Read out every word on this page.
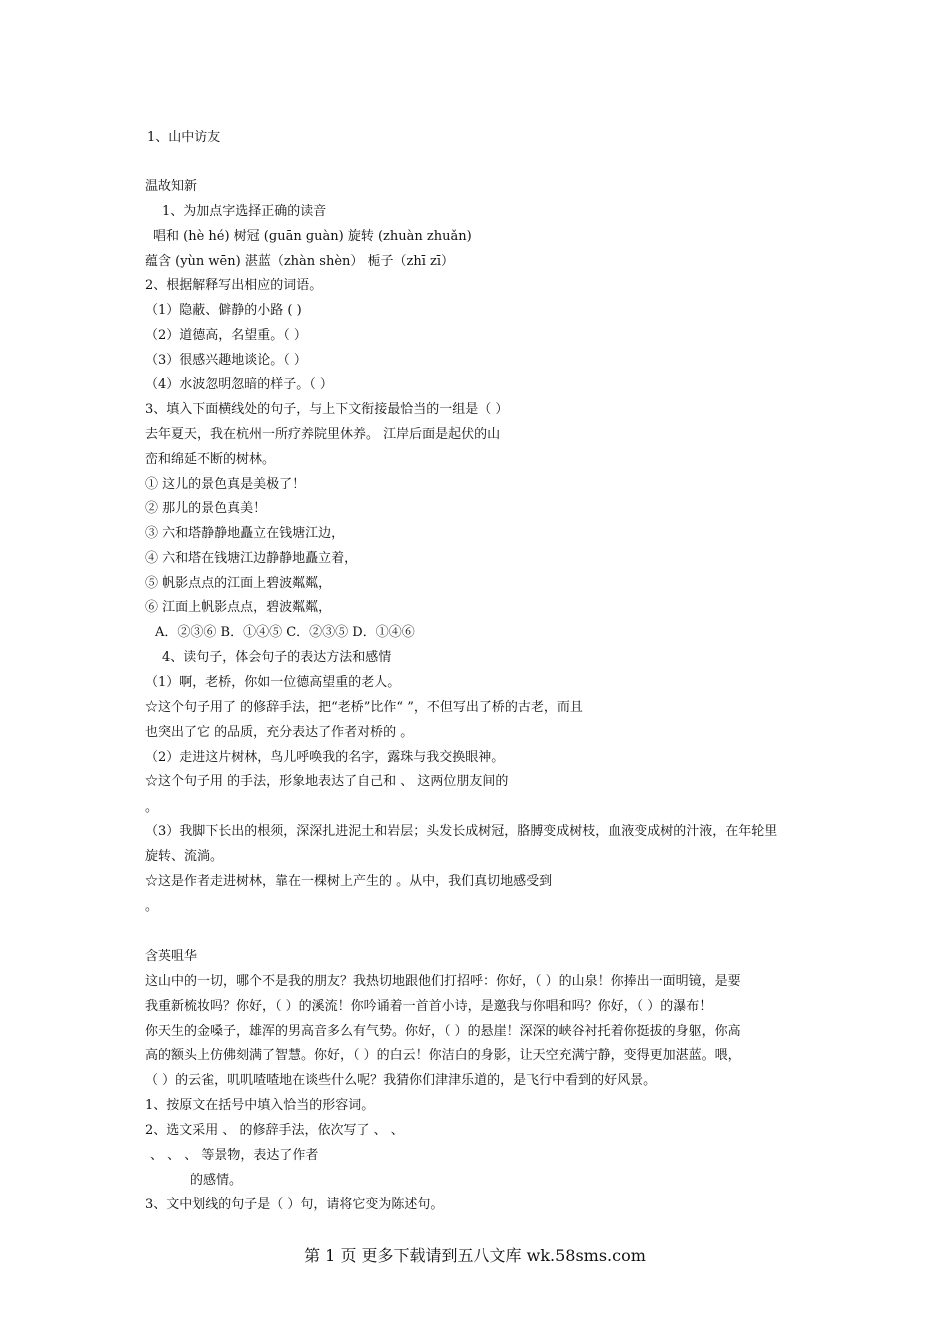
1、山中访友
温故知新
1、为加点字选择正确的读音
唱和 (hè hé) 树冠 (ɡuān ɡuàn) 旋转 (zhuàn zhuǎn)
蕴含 (yùn wēn) 湛蓝（zhàn shèn） 栀子（zhī zī）
2、根据解释写出相应的词语。
（1）隐蔽、僻静的小路 ( )
（2）道德高，名望重。（ ）
（3）很感兴趣地谈论。（ ）
（4）水波忽明忽暗的样子。（ ）
3、填入下面横线处的句子，与上下文衔接最恰当的一组是（ ）
去年夏天，我在杭州一所疗养院里休养。 江岸后面是起伏的山
峦和绵延不断的树林。
① 这儿的景色真是美极了！
② 那儿的景色真美！
③ 六和塔静静地矗立在钱塘江边，
④ 六和塔在钱塘江边静静地矗立着，
⑤ 帆影点点的江面上碧波粼粼，
⑥ 江面上帆影点点，碧波粼粼，
A．②③⑥ B．①④⑤ C．②③⑤ D．①④⑥
4、读句子，体会句子的表达方法和感情
（1）啊，老桥，你如一位德高望重的老人。
☆这个句子用了 的修辞手法，把“老桥”比作“ ”，不但写出了桥的古老，而且
也突出了它 的品质，充分表达了作者对桥的 。
（2）走进这片树林，鸟儿呼唤我的名字，露珠与我交换眼神。
☆这个句子用 的手法，形象地表达了自己和 、 这两位朋友间的
。
（3）我脚下长出的根须，深深扎进泥土和岩层；头发长成树冠，胳膊变成树枝，血液变成树的汁液，在年轮里
旋转、流淌。
☆这是作者走进树林，靠在一棵树上产生的 。从中，我们真切地感受到
。
含英咀华
这山中的一切，哪个不是我的朋友？我热切地跟他们打招呼：你好，（ ）的山泉！你捧出一面明镜，是要
我重新梳妆吗？你好，（ ）的溪流！你吟诵着一首首小诗，是邀我与你唱和吗？你好，（ ）的瀑布！
你天生的金嗓子，雄浑的男高音多么有气势。你好，（ ）的悬崖！深深的峡谷衬托着你挺拔的身躯，你高
高的额头上仿佛刻满了智慧。你好，（ ）的白云！你洁白的身影，让天空充满宁静，变得更加湛蓝。喂，
（ ）的云雀，叽叽喳喳地在谈些什么呢？我猜你们津津乐道的，是飞行中看到的好风景。
1、按原文在括号中填入恰当的形容词。
2、选文采用 、 的修辞手法，依次写了 、 、
、 、 、 等景物，表达了作者
的感情。
3、文中划线的句子是（ ）句，请将它变为陈述句。
第 1 页 更多下载请到五八文库 wk.58sms.com
